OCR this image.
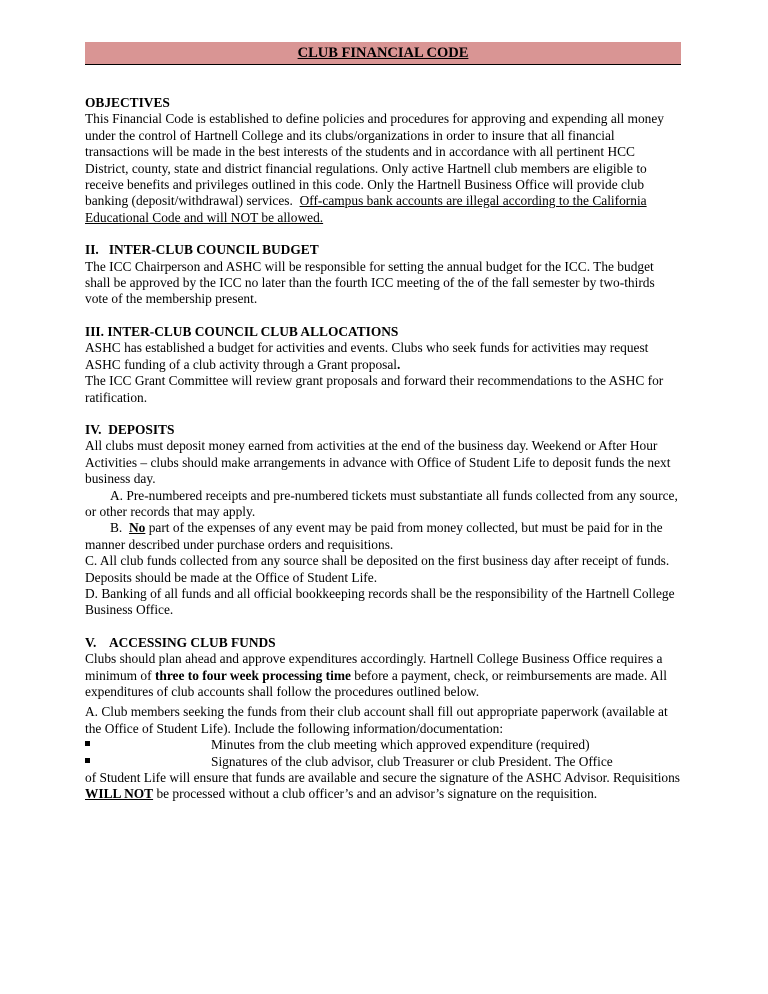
CLUB FINANCIAL CODE

OBJECTIVES

This Financial Code is established to define policies and procedures for approving and expending all money under the control of Hartnell College and its clubs/organizations in order to insure that all financial transactions will be made in the best interests of the students and in accordance with all pertinent HCC District, county, state and district financial regulations. Only active Hartnell club members are eligible to receive benefits and privileges outlined in this code. Only the Hartnell Business Office will provide club banking (deposit/withdrawal) services. Off-campus bank accounts are illegal according to the California Educational Code and will NOT be allowed.

II.   INTER-CLUB COUNCIL BUDGET

The ICC Chairperson and ASHC will be responsible for setting the annual budget for the ICC. The budget shall be approved by the ICC no later than the fourth ICC meeting of the of the fall semester by two-thirds vote of the membership present.

III. INTER-CLUB COUNCIL CLUB ALLOCATIONS

ASHC has established a budget for activities and events. Clubs who seek funds for activities may request ASHC funding of a club activity through a Grant proposal.

The ICC Grant Committee will review grant proposals and forward their recommendations to the ASHC for ratification.

IV.  DEPOSITS

All clubs must deposit money earned from activities at the end of the business day. Weekend or After Hour Activities – clubs should make arrangements in advance with Office of Student Life to deposit funds the next business day.

A. Pre-numbered receipts and pre-numbered tickets must substantiate all funds collected from any source, or other records that may apply.

B.  No part of the expenses of any event may be paid from money collected, but must be paid for in the manner described under purchase orders and requisitions.

C. All club funds collected from any source shall be deposited on the first business day after receipt of funds. Deposits should be made at the Office of Student Life.

D. Banking of all funds and all official bookkeeping records shall be the responsibility of the Hartnell College Business Office.

V.    ACCESSING CLUB FUNDS

Clubs should plan ahead and approve expenditures accordingly. Hartnell College Business Office requires a minimum of three to four week processing time before a payment, check, or reimbursements are made. All expenditures of club accounts shall follow the procedures outlined below.

A. Club members seeking the funds from their club account shall fill out appropriate paperwork (available at the Office of Student Life). Include the following information/documentation:

Minutes from the club meeting which approved expenditure (required)
Signatures of the club advisor, club Treasurer or club President. The Office

of Student Life will ensure that funds are available and secure the signature of the ASHC Advisor. Requisitions WILL NOT be processed without a club officer’s and an advisor’s signature on the requisition.
